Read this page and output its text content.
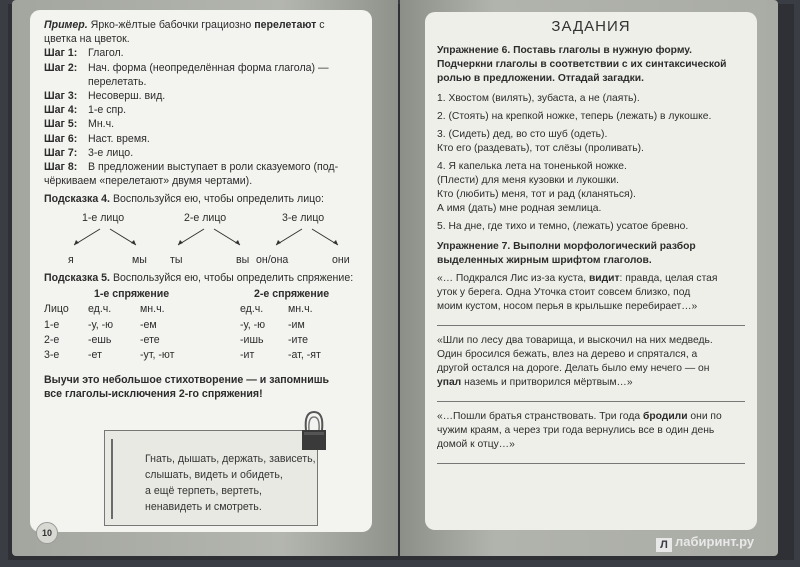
Пример. Ярко-жёлтые бабочки грациозно перелетают с
цветка на цветок.
Шаг 1: Глагол.
Шаг 2: Нач. форма (неопределённая форма глагола) —
перелетать.
Шаг 3: Несоверш. вид.
Шаг 4: 1-е спр.
Шаг 5: Мн.ч.
Шаг 6: Наст. время.
Шаг 7: 3-е лицо.
Шаг 8: В предложении выступает в роли сказуемого (под-
чёркиваем «перелетают» двумя чертами).
Подсказка 4. Воспользуйся ею, чтобы определить лицо:
1-е лицо	2-е лицо	3-е лицо
я	мы ты	вы он/она	они
Подсказка 5. Воспользуйся ею, чтобы определить спряжение:
1-е спряжение	2-е спряжение
Лицо ед.ч.	мн.ч.	ед.ч. мн.ч.
1-е	-у, -ю	-ем	-у, -ю -им
2-е	-ешь	-ете	-ишь -ите
3-е	-ет	-ут, -ют	-ит	-ат, -ят
Выучи это небольшое стихотворение — и запомнишь
все глаголы-исключения 2-го спряжения!
Гнать, дышать, держать, зависеть,
слышать, видеть и обидеть,
а ещё терпеть, вертеть,
ненавидеть и смотреть.
10
ЗАДАНИЯ
Упражнение 6. Поставь глаголы в нужную форму.
Подчеркни глаголы в соответствии с их синтаксической
ролью в предложении. Отгадай загадки.
1. Хвостом (вилять), зубаста, а не (лаять).
2. (Стоять) на крепкой ножке, теперь (лежать) в лукошке.
3. (Сидеть) дед, во сто шуб (одеть).
Кто его (раздевать), тот слёзы (проливать).
4. Я капелька лета на тоненькой ножке.
(Плести) для меня кузовки и лукошки.
Кто (любить) меня, тот и рад (кланяться).
А имя (дать) мне родная землица.
5. На дне, где тихо и темно, (лежать) усатое бревно.
Упражнение 7. Выполни морфологический разбор
выделенных жирным шрифтом глаголов.
«… Подкрался Лис из-за куста, видит: правда, целая стая
уток у берега. Одна Уточка стоит совсем близко, под
моим кустом, носом перья в крыльшке перебирает…»
«Шли по лесу два товарища, и выскочил на них медведь.
Один бросился бежать, влез на дерево и спрятался, а
другой остался на дороге. Делать было ему нечего — он
упал наземь и притворился мёртвым…»
«…Пошли братья странствовать. Три года бродили они по
чужим краям, а через три года вернулись все в один день
домой к отцу…»
Л лабиринт.ру
